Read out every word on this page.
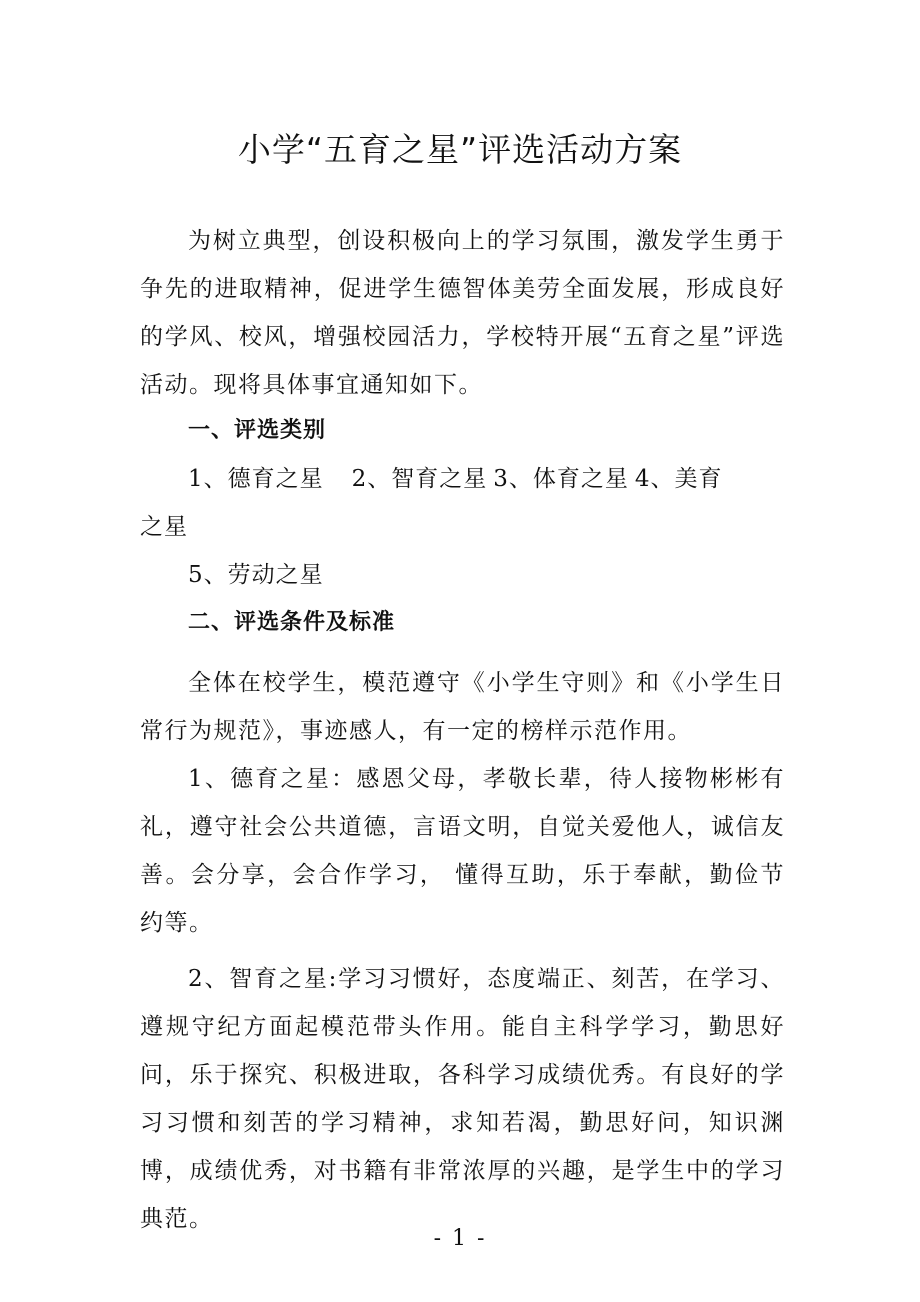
小学“五育之星”评选活动方案
为树立典型，创设积极向上的学习氛围，激发学生勇于争先的进取精神，促进学生德智体美劳全面发展，形成良好的学风、校风，增强校园活力，学校特开展“五育之星”评选活动。现将具体事宜通知如下。
一、评选类别
1、德育之星 2、智育之星 3、体育之星 4、美育
之星
5、劳动之星
二、评选条件及标准
全体在校学生，模范遵守《小学生守则》和《小学生日常行为规范》，事迹感人，有一定的榜样示范作用。
1、德育之星：感恩父母，孝敬长辈，待人接物彬彬有礼，遵守社会公共道德，言语文明，自觉关爱他人，诚信友善。会分享，会合作学习， 懂得互助，乐于奉献，勤俭节约等。
2、智育之星:学习习惯好，态度端正、刻苦，在学习、遵规守纪方面起模范带头作用。能自主科学学习，勤思好问，乐于探究、积极进取，各科学习成绩优秀。有良好的学习习惯和刻苦的学习精神，求知若渴，勤思好问，知识渊博，成绩优秀，对书籍有非常浓厚的兴趣，是学生中的学习典范。
- 1 -
